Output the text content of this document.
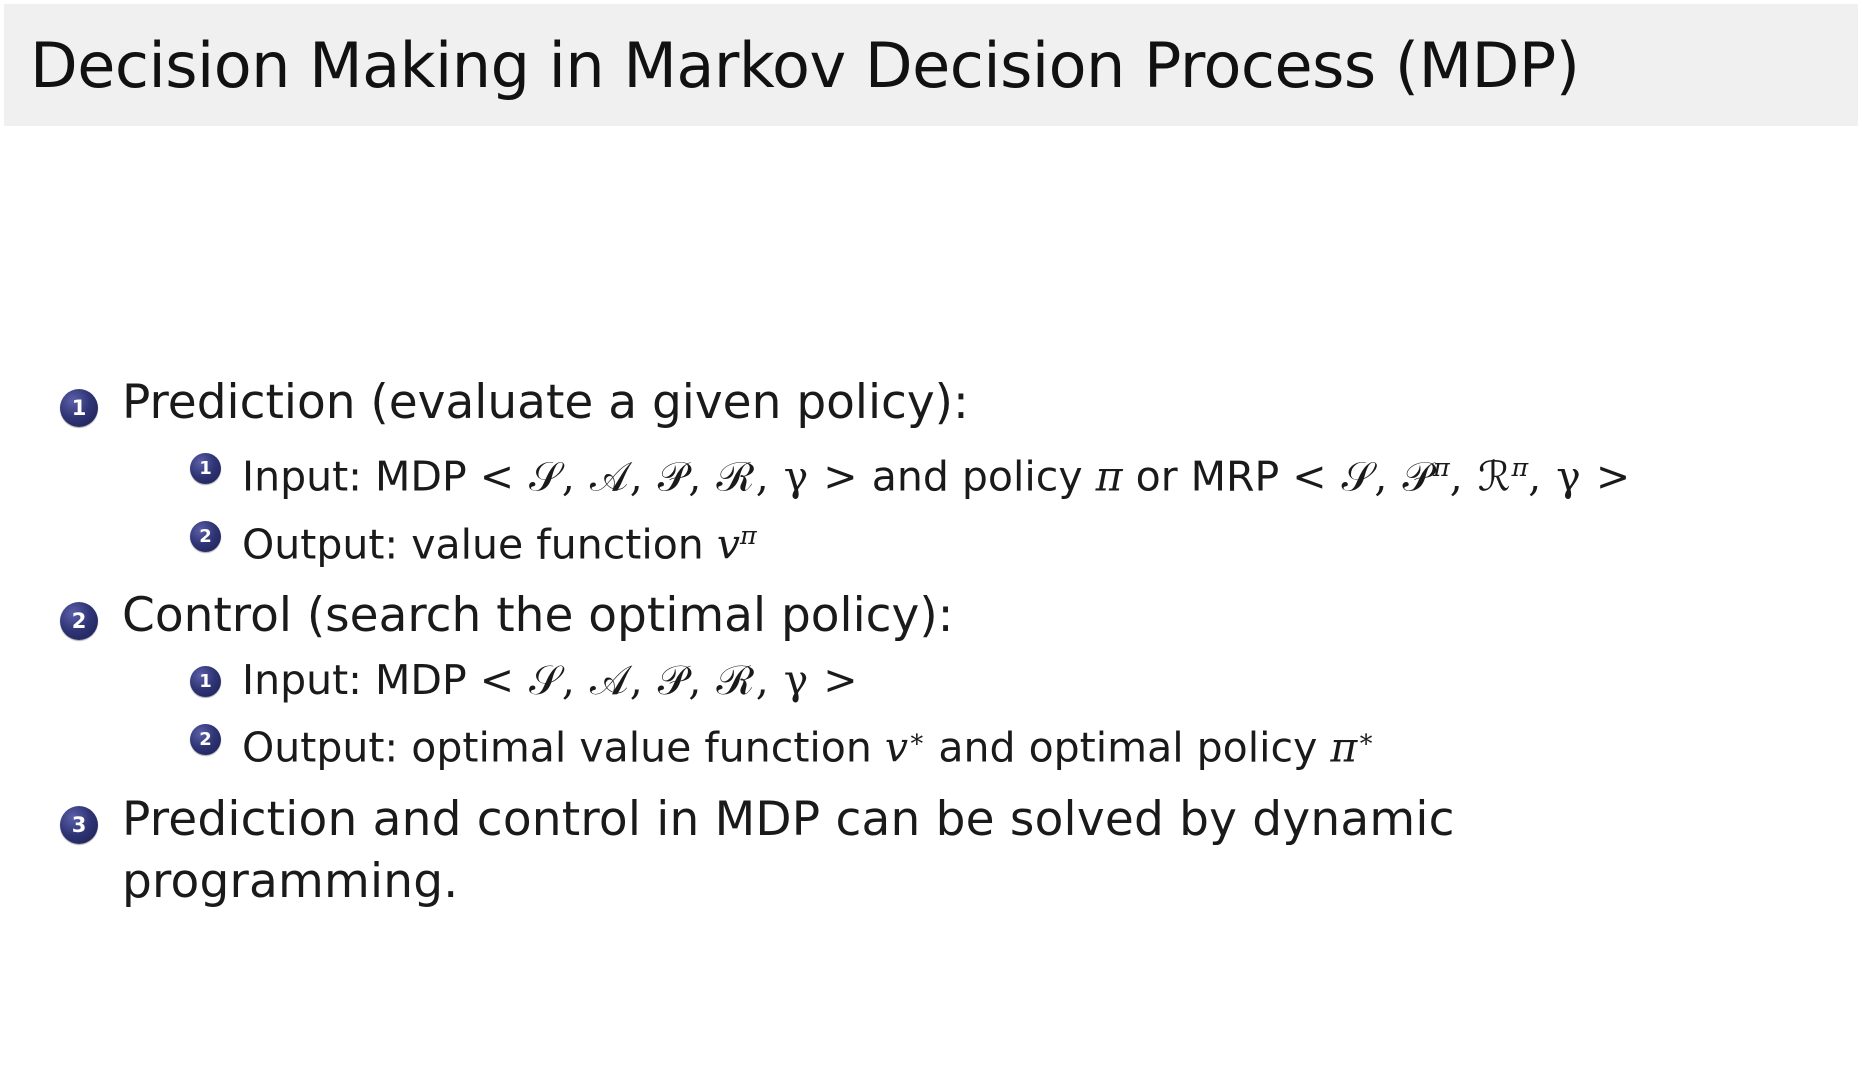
Decision Making in Markov Decision Process (MDP)
1 Prediction (evaluate a given policy):
1 Input: MDP < 𝒮, 𝒜, 𝒫, ℛ, γ > and policy π or MRP < 𝒮, 𝒫$^\pi$, ℛ$^\pi$, γ >
2 Output: value function $v^\pi$
2 Control (search the optimal policy):
1 Input: MDP < 𝒮, 𝒜, 𝒫, ℛ, γ >
2 Output: optimal value function v∗ and optimal policy π∗
3 Prediction and control in MDP can be solved by dynamic programming.
